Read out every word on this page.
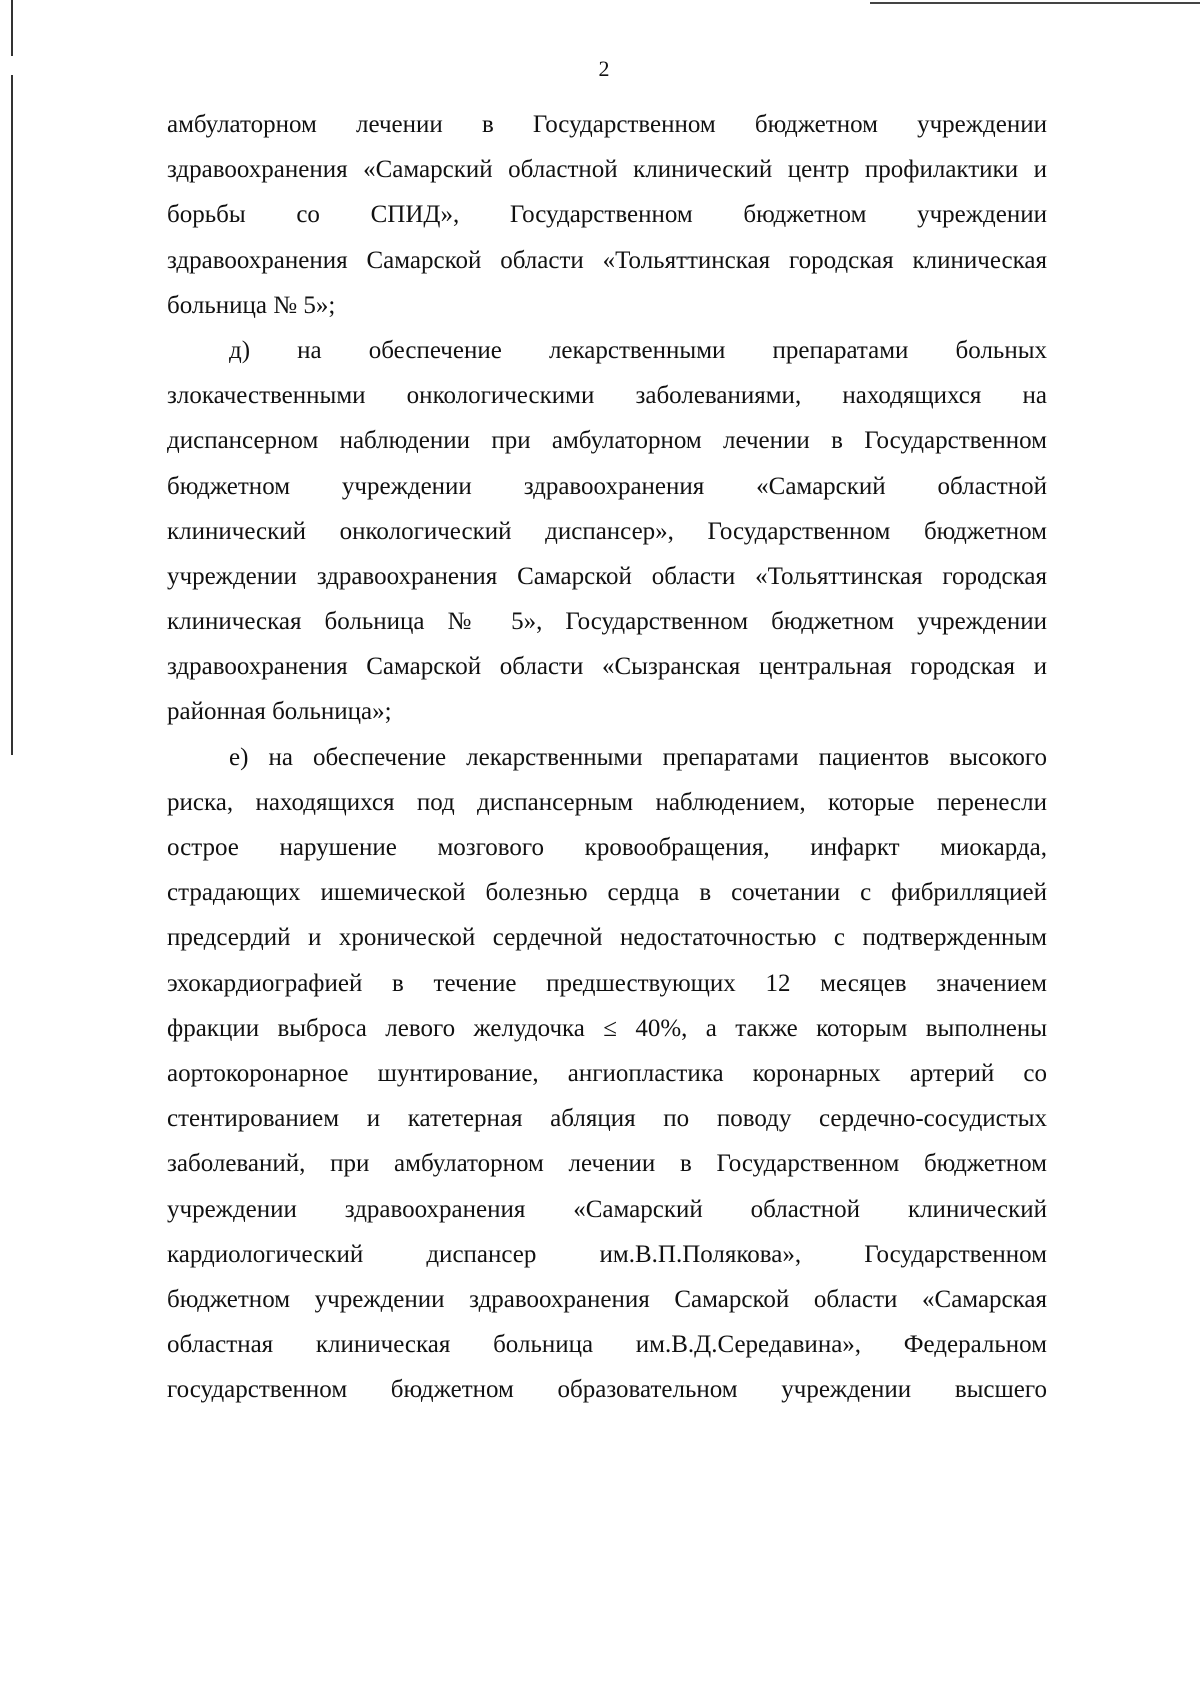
2
амбулаторном лечении в Государственном бюджетном учреждении
здравоохранения «Самарский областной клинический центр профилактики и
борьбы со СПИД», Государственном бюджетном учреждении
здравоохранения Самарской области «Тольяттинская городская клиническая
больница № 5»;
д) на обеспечение лекарственными препаратами больных
злокачественными онкологическими заболеваниями, находящихся на
диспансерном наблюдении при амбулаторном лечении в Государственном
бюджетном учреждении здравоохранения «Самарский областной
клинический онкологический диспансер», Государственном бюджетном
учреждении здравоохранения Самарской области «Тольяттинская городская
клиническая больница № 5», Государственном бюджетном учреждении
здравоохранения Самарской области «Сызранская центральная городская и
районная больница»;
е) на обеспечение лекарственными препаратами пациентов высокого
риска, находящихся под диспансерным наблюдением, которые перенесли
острое нарушение мозгового кровообращения, инфаркт миокарда,
страдающих ишемической болезнью сердца в сочетании с фибрилляцией
предсердий и хронической сердечной недостаточностью с подтвержденным
эхокардиографией в течение предшествующих 12 месяцев значением
фракции выброса левого желудочка ≤ 40%, а также которым выполнены
аортокоронарное шунтирование, ангиопластика коронарных артерий со
стентированием и катетерная абляция по поводу сердечно-сосудистых
заболеваний, при амбулаторном лечении в Государственном бюджетном
учреждении здравоохранения «Самарский областной клинический
кардиологический диспансер им.В.П.Полякова», Государственном
бюджетном учреждении здравоохранения Самарской области «Самарская
областная клиническая больница им.В.Д.Середавина», Федеральном
государственном бюджетном образовательном учреждении высшего
